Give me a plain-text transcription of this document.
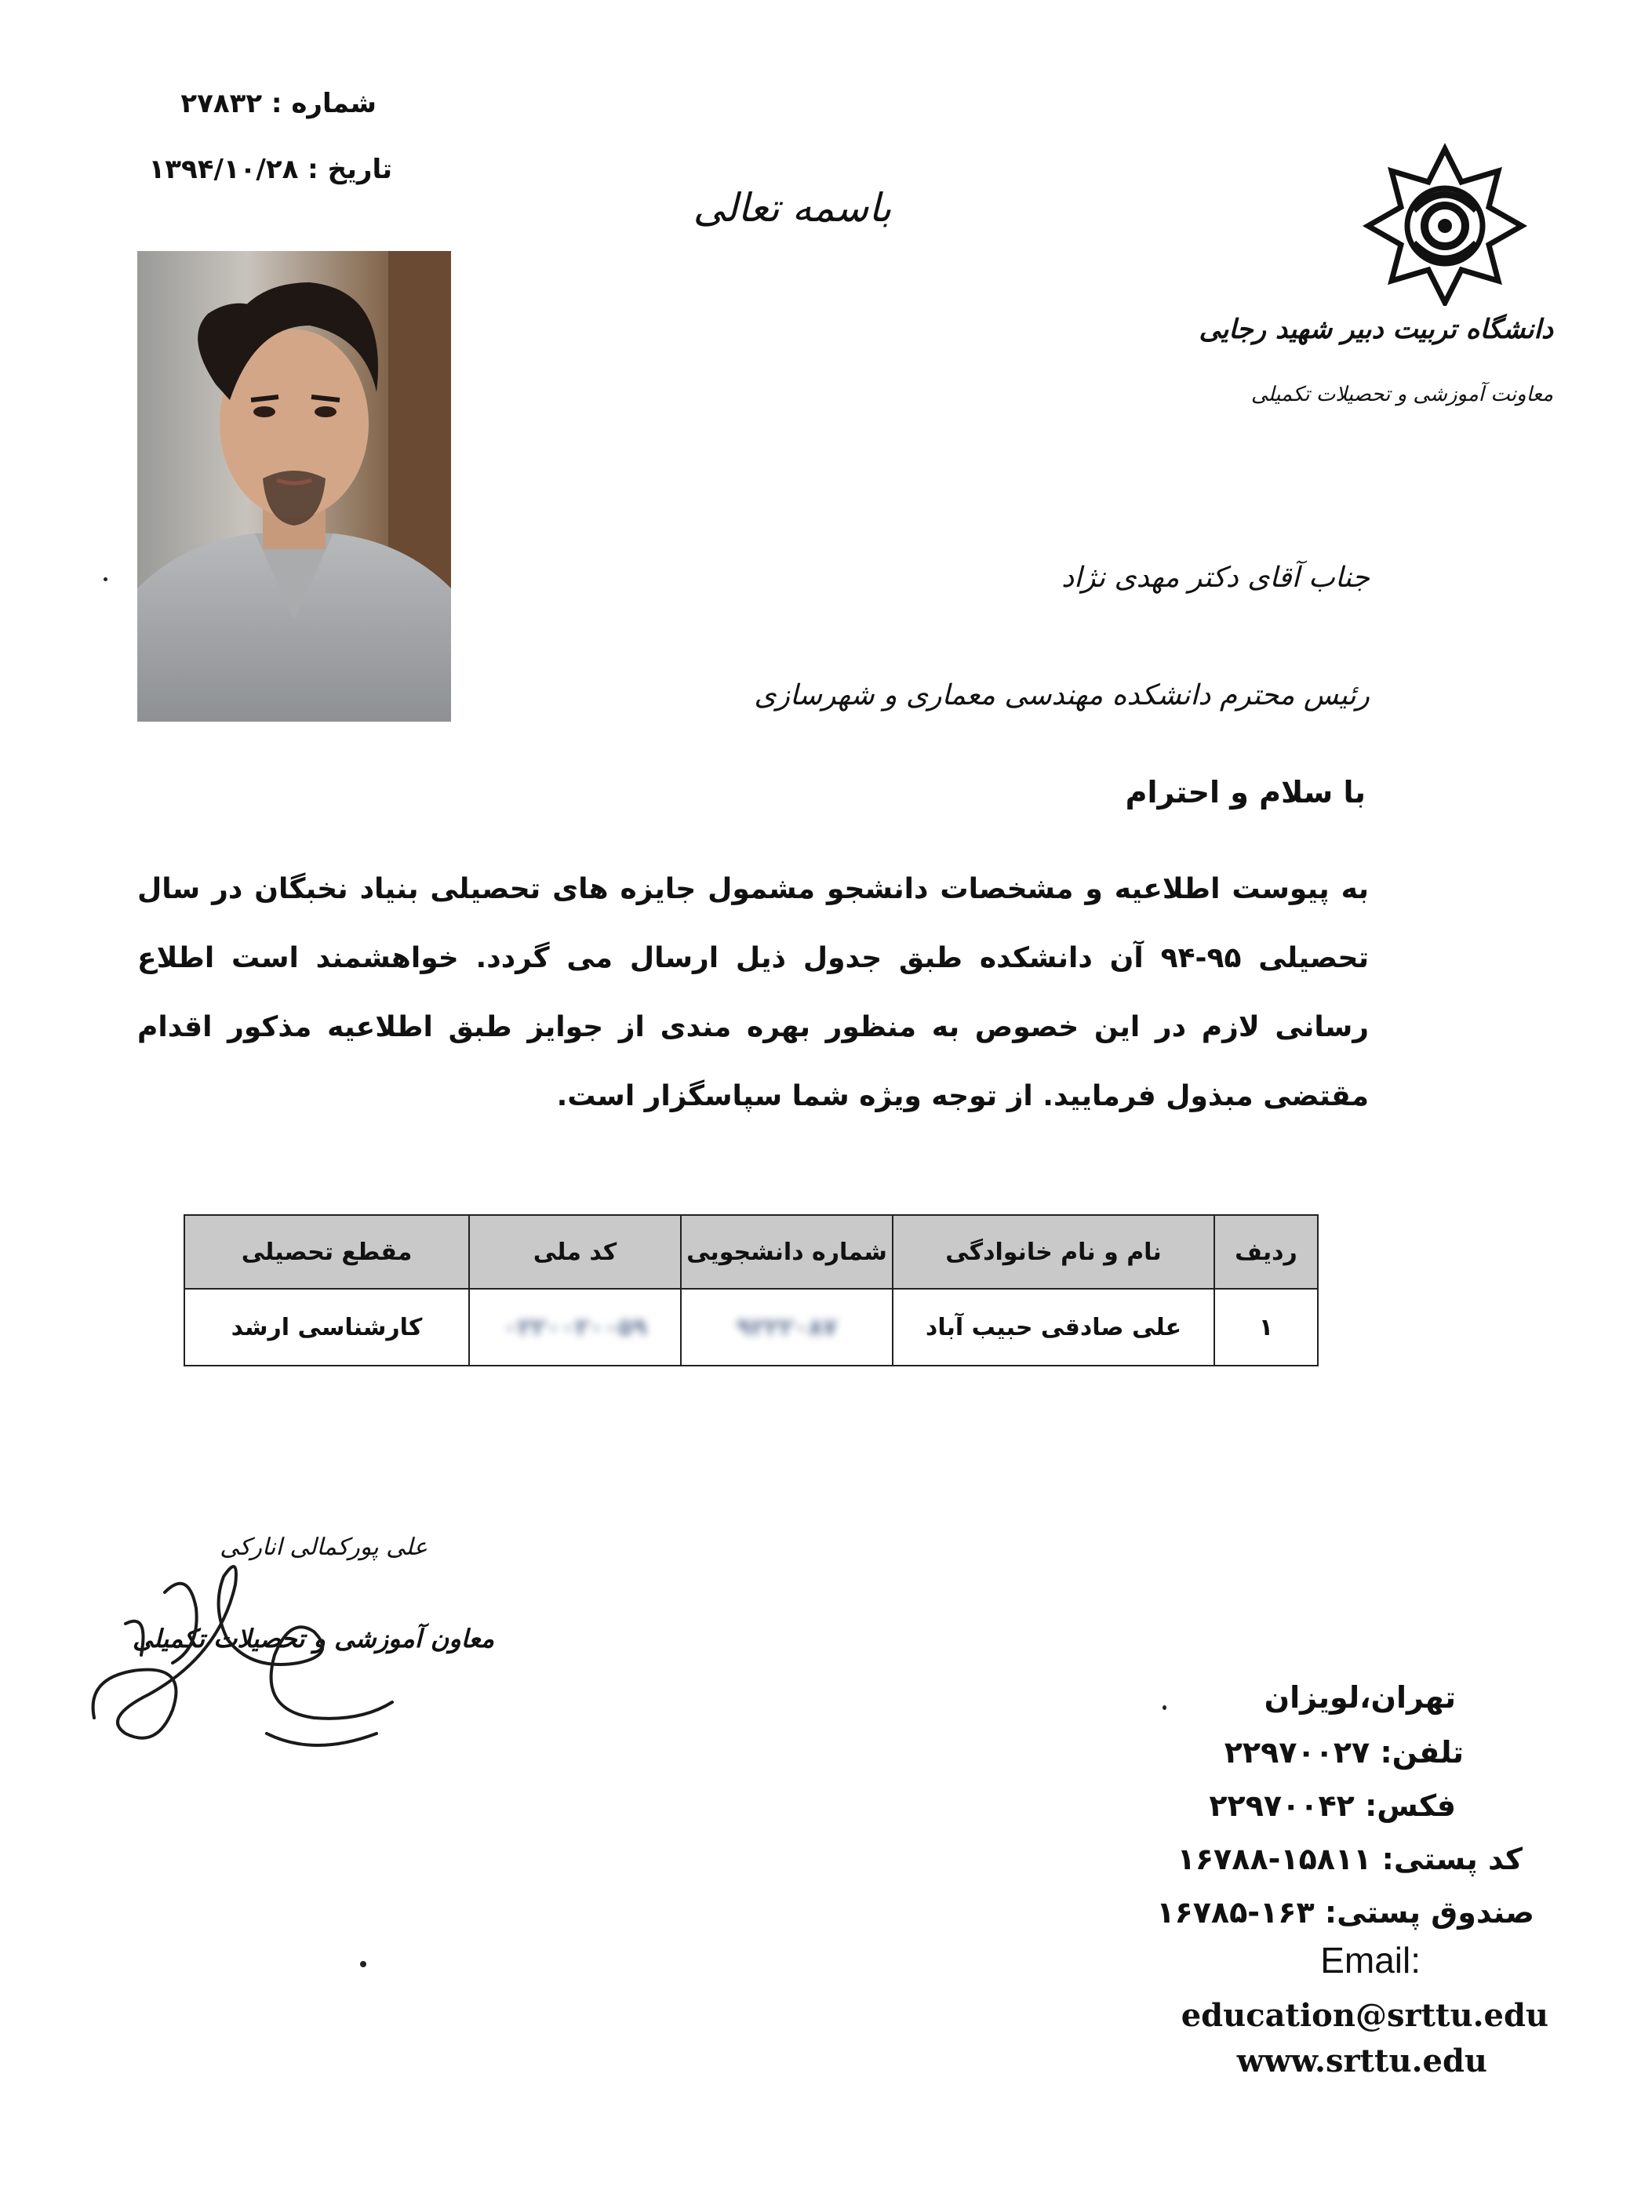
شماره : ۲۷۸۳۲
تاریخ : ۱۳۹۴/۱۰/۲۸
باسمه تعالی
دانشگاه تربیت دبیر شهید رجایی
معاونت آموزشی و تحصیلات تکمیلی
جناب آقای دکتر مهدی نژاد
رئیس محترم دانشکده مهندسی معماری و شهرسازی
با سلام و احترام
به پیوست اطلاعیه و مشخصات دانشجو مشمول جایزه های تحصیلی بنیاد نخبگان در سال تحصیلی ۹۵-۹۴ آن دانشکده طبق جدول ذیل ارسال می گردد. خواهشمند است اطلاع رسانی لازم در این خصوص به منظور بهره مندی از جوایز طبق اطلاعیه مذکور اقدام مقتضی مبذول فرمایید. از توجه ویژه شما سپاسگزار است.
ردیف	نام و نام خانوادگی	شماره دانشجویی	کد ملی	مقطع تحصیلی
۱	علی صادقی حبیب آباد	۹۲۲۲۰۸۷	۰۲۲۰۰۲۰۰۵۹	کارشناسی ارشد
علی پورکمالی انارکی
معاون آموزشی و تحصیلات تکمیلی
تهران،لویزان
تلفن: ۲۲۹۷۰۰۲۷
فکس: ۲۲۹۷۰۰۴۲
کد پستی: ۱۵۸۱۱-۱۶۷۸۸
صندوق پستی: ۱۶۳-۱۶۷۸۵
Email:
education@srttu.edu
www.srttu.edu
